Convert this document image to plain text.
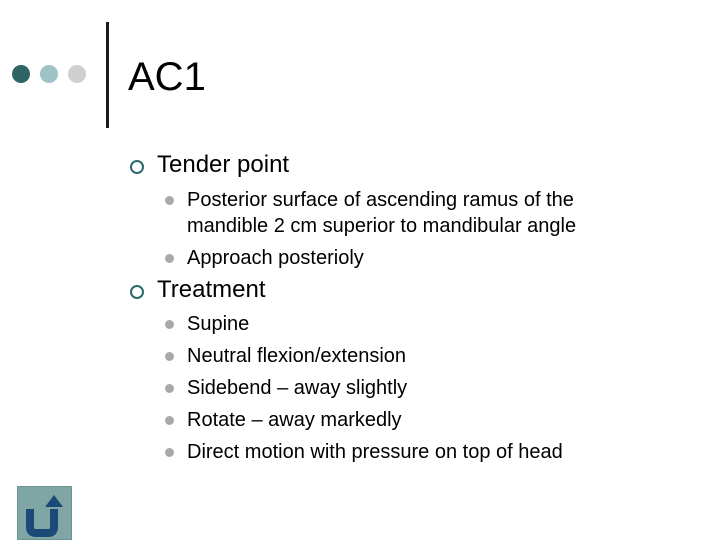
AC1
Tender point
Posterior surface of ascending ramus of the
mandible 2 cm superior to mandibular angle
Approach posterioly
Treatment
Supine
Neutral flexion/extension
Sidebend – away slightly
Rotate – away markedly
Direct motion with pressure on top of head
